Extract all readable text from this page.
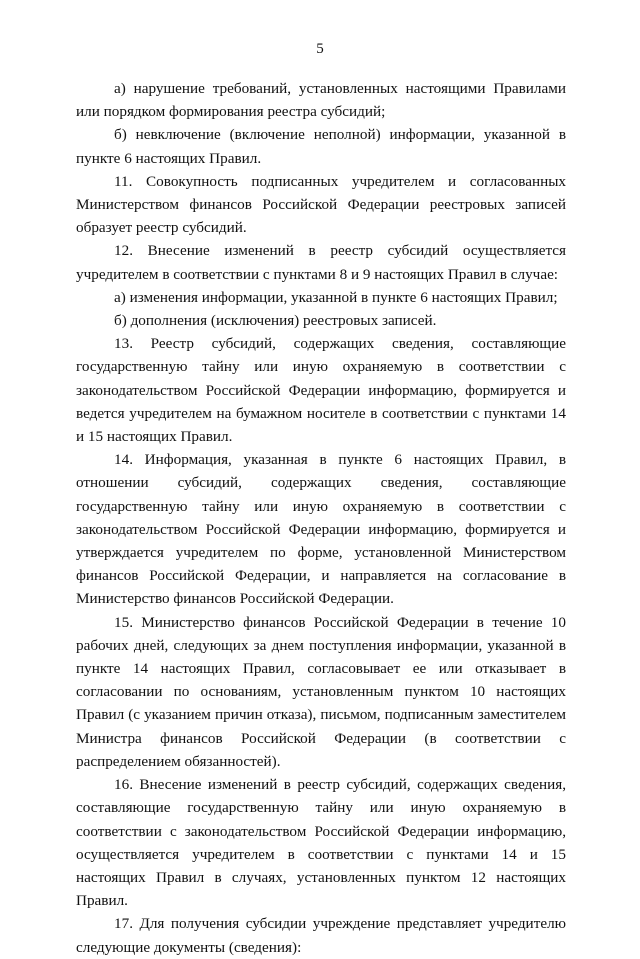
5

а) нарушение требований, установленных настоящими Правилами или порядком формирования реестра субсидий;

б) невключение (включение неполной) информации, указанной в пункте 6 настоящих Правил.

11. Совокупность подписанных учредителем и согласованных Министерством финансов Российской Федерации реестровых записей образует реестр субсидий.

12. Внесение изменений в реестр субсидий осуществляется учредителем в соответствии с пунктами 8 и 9 настоящих Правил в случае:

а) изменения информации, указанной в пункте 6 настоящих Правил;

б) дополнения (исключения) реестровых записей.

13. Реестр субсидий, содержащих сведения, составляющие государственную тайну или иную охраняемую в соответствии с законодательством Российской Федерации информацию, формируется и ведется учредителем на бумажном носителе в соответствии с пунктами 14 и 15 настоящих Правил.

14. Информация, указанная в пункте 6 настоящих Правил, в отношении субсидий, содержащих сведения, составляющие государственную тайну или иную охраняемую в соответствии с законодательством Российской Федерации информацию, формируется и утверждается учредителем по форме, установленной Министерством финансов Российской Федерации, и направляется на согласование в Министерство финансов Российской Федерации.

15. Министерство финансов Российской Федерации в течение 10 рабочих дней, следующих за днем поступления информации, указанной в пункте 14 настоящих Правил, согласовывает ее или отказывает в согласовании по основаниям, установленным пунктом 10 настоящих Правил (с указанием причин отказа), письмом, подписанным заместителем Министра финансов Российской Федерации (в соответствии с распределением обязанностей).

16. Внесение изменений в реестр субсидий, содержащих сведения, составляющие государственную тайну или иную охраняемую в соответствии с законодательством Российской Федерации информацию, осуществляется учредителем в соответствии с пунктами 14 и 15 настоящих Правил в случаях, установленных пунктом 12 настоящих Правил.

17. Для получения субсидии учреждение представляет учредителю следующие документы (сведения):
